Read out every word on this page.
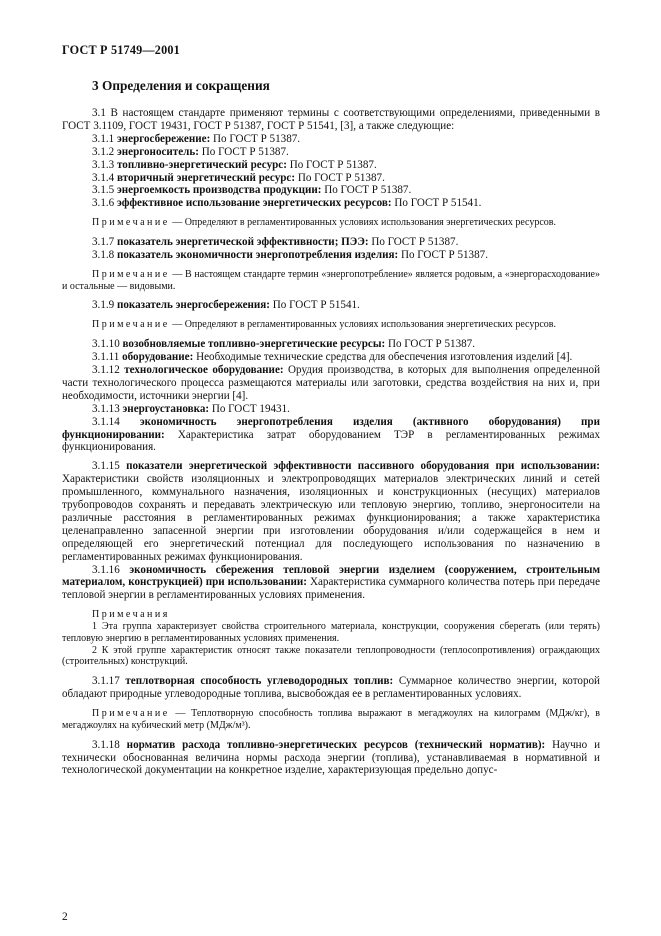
ГОСТ Р 51749—2001
3 Определения и сокращения

3.1 В настоящем стандарте применяют термины с соответствующими определениями, приведенными в ГОСТ 3.1109, ГОСТ 19431, ГОСТ Р 51387, ГОСТ Р 51541, [3], а также следующие:

3.1.1 энергосбережение: По ГОСТ Р 51387.

3.1.2 энергоноситель: По ГОСТ Р 51387.

3.1.3 топливно-энергетический ресурс: По ГОСТ Р 51387.

3.1.4 вторичный энергетический ресурс: По ГОСТ Р 51387.

3.1.5 энергоемкость производства продукции: По ГОСТ Р 51387.

3.1.6 эффективное использование энергетических ресурсов: По ГОСТ Р 51541.

Примечание — Определяют в регламентированных условиях использования энергетических ресурсов.

3.1.7 показатель энергетической эффективности; ПЭЭ: По ГОСТ Р 51387.

3.1.8 показатель экономичности энергопотребления изделия: По ГОСТ Р 51387.

Примечание — В настоящем стандарте термин «энергопотребление» является родовым, а «энергорасходование» и остальные — видовыми.

3.1.9 показатель энергосбережения: По ГОСТ Р 51541.

Примечание — Определяют в регламентированных условиях использования энергетических ресурсов.

3.1.10 возобновляемые топливно-энергетические ресурсы: По ГОСТ Р 51387.

3.1.11 оборудование: Необходимые технические средства для обеспечения изготовления изделий [4].

3.1.12 технологическое оборудование: Орудия производства, в которых для выполнения определенной части технологического процесса размещаются материалы или заготовки, средства воздействия на них и, при необходимости, источники энергии [4].

3.1.13 энергоустановка: По ГОСТ 19431.

3.1.14 экономичность энергопотребления изделия (активного оборудования) при функционировании: Характеристика затрат оборудованием ТЭР в регламентированных режимах функционирования.

3.1.15 показатели энергетической эффективности пассивного оборудования при использовании: Характеристики свойств изоляционных и электропроводящих материалов электрических линий и сетей промышленного, коммунального назначения, изоляционных и конструкционных (несущих) материалов трубопроводов сохранять и передавать электрическую или тепловую энергию, топливо, энергоносители на различные расстояния в регламентированных режимах функционирования; а также характеристика целенаправленно запасенной энергии при изготовлении оборудования и/или содержащейся в нем и определяющей его энергетический потенциал для последующего использования по назначению в регламентированных режимах функционирования.

3.1.16 экономичность сбережения тепловой энергии изделием (сооружением, строительным материалом, конструкцией) при использовании: Характеристика суммарного количества потерь при передаче тепловой энергии в регламентированных условиях применения.

Примечания

1 Эта группа характеризует свойства строительного материала, конструкции, сооружения сберегать (или терять) тепловую энергию в регламентированных условиях применения.

2 К этой группе характеристик относят также показатели теплопроводности (теплосопротивления) ограждающих (строительных) конструкций.

3.1.17 теплотворная способность углеводородных топлив: Суммарное количество энергии, которой обладают природные углеводородные топлива, высвобождая ее в регламентированных условиях.

Примечание — Теплотворную способность топлива выражают в мегаджоулях на килограмм (МДж/кг), в мегаджоулях на кубический метр (МДж/м³).

3.1.18 норматив расхода топливно-энергетических ресурсов (технический норматив): Научно и технически обоснованная величина нормы расхода энергии (топлива), устанавливаемая в нормативной и технологической документации на конкретное изделие, характеризующая предельно допус-

2
